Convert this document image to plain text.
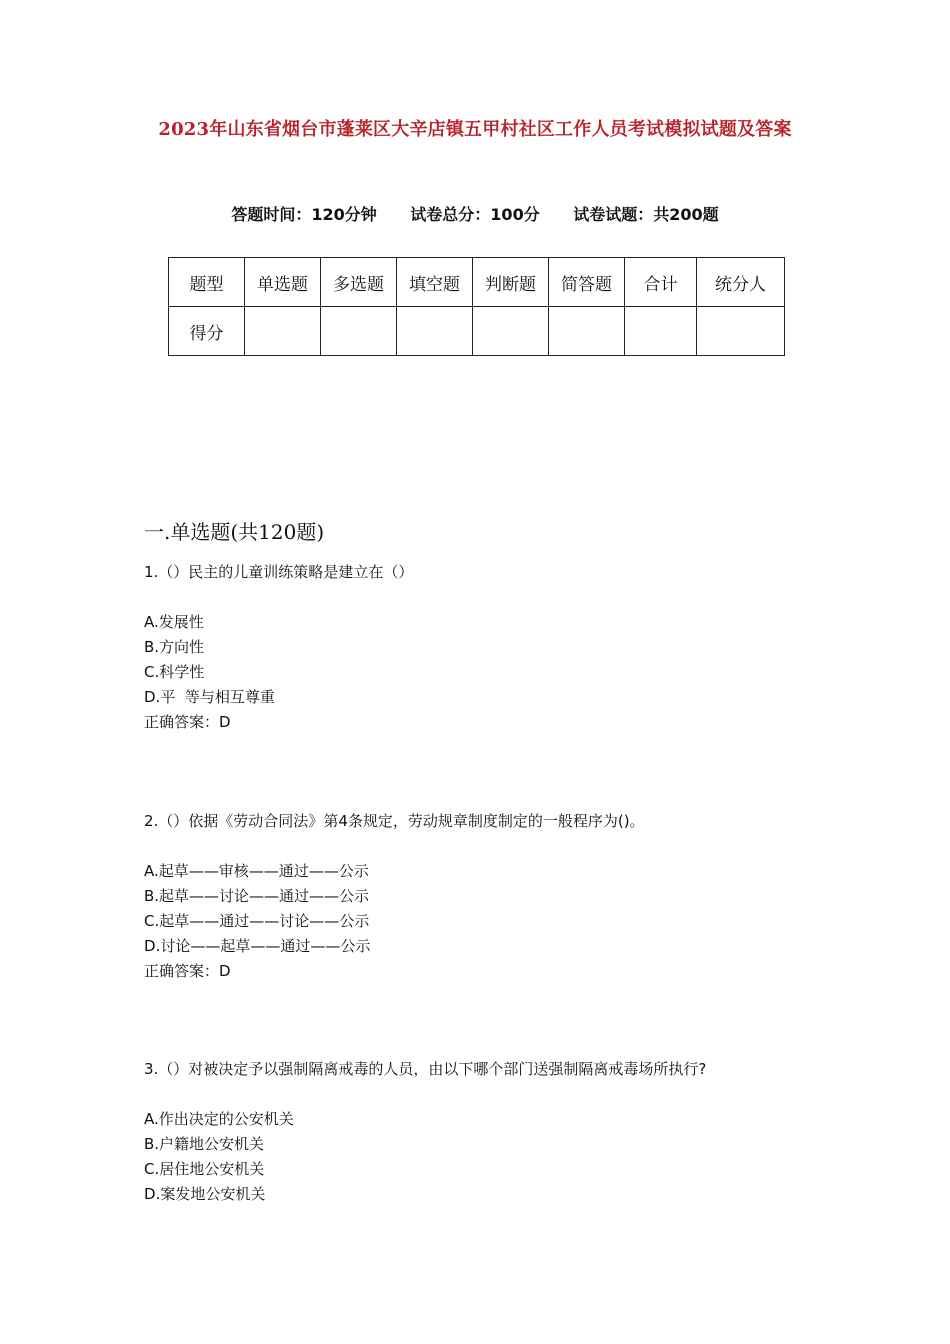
2023年山东省烟台市蓬莱区大辛店镇五甲村社区工作人员考试模拟试题及答案
答题时间：120分钟 试卷总分：100分 试卷试题：共200题
题型	单选题	多选题	填空题	判断题	简答题	合计	统分人
得分							
一.单选题(共120题)
1.（）民主的儿童训练策略是建立在（）
A.发展性
B.方向性
C.科学性
D.平  等与相互尊重
正确答案：D
2.（）依据《劳动合同法》第4条规定，劳动规章制度制定的一般程序为()。
A.起草——审核——通过——公示
B.起草——讨论——通过——公示
C.起草——通过——讨论——公示
D.讨论——起草——通过——公示
正确答案：D
3.（）对被决定予以强制隔离戒毒的人员，由以下哪个部门送强制隔离戒毒场所执行?
A.作出决定的公安机关
B.户籍地公安机关
C.居住地公安机关
D.案发地公安机关
